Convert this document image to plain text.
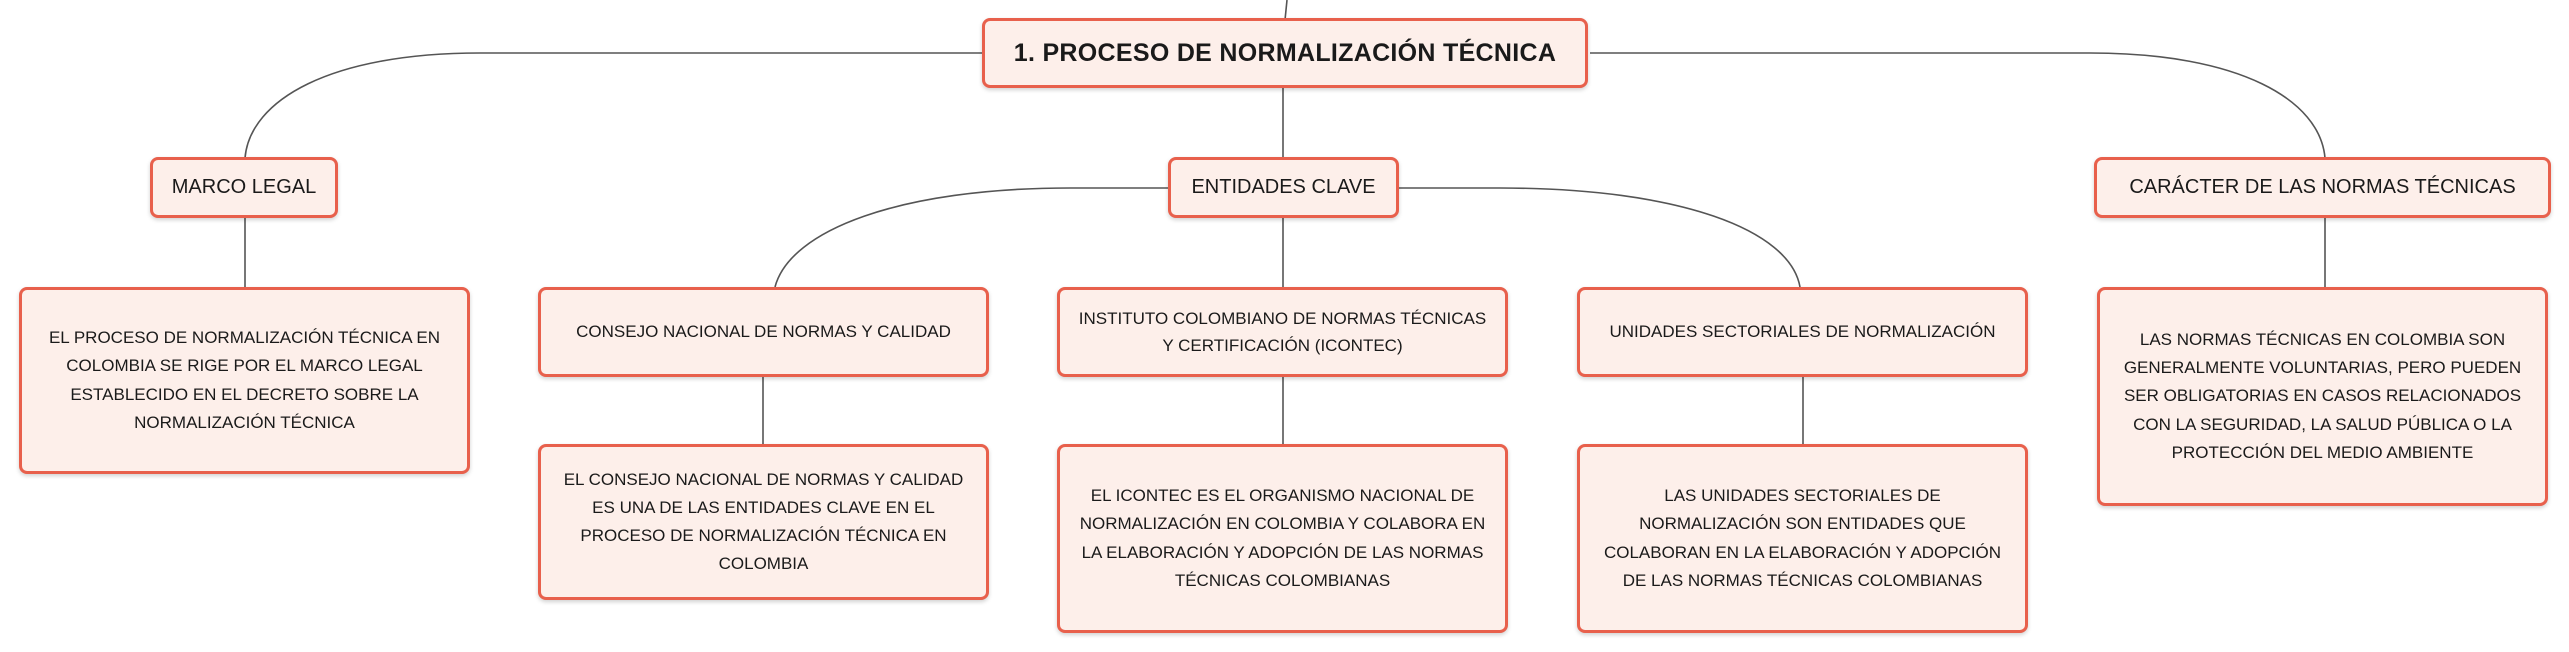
1. PROCESO DE NORMALIZACIÓN TÉCNICA
MARCO LEGAL	ENTIDADES CLAVE	CARÁCTER DE LAS NORMAS TÉCNICAS
EL PROCESO DE NORMALIZACIÓN TÉCNICA EN COLOMBIA SE RIGE POR EL MARCO LEGAL ESTABLECIDO EN EL DECRETO SOBRE LA NORMALIZACIÓN TÉCNICA
CONSEJO NACIONAL DE NORMAS Y CALIDAD
INSTITUTO COLOMBIANO DE NORMAS TÉCNICAS Y CERTIFICACIÓN (ICONTEC)
UNIDADES SECTORIALES DE NORMALIZACIÓN	LAS NORMAS TÉCNICAS EN COLOMBIA SON GENERALMENTE VOLUNTARIAS, PERO PUEDEN SER OBLIGATORIAS EN CASOS RELACIONADOS CON LA SEGURIDAD, LA SALUD PÚBLICA O LA PROTECCIÓN DEL MEDIO AMBIENTE
EL CONSEJO NACIONAL DE NORMAS Y CALIDAD ES UNA DE LAS ENTIDADES CLAVE EN EL PROCESO DE NORMALIZACIÓN TÉCNICA EN COLOMBIA
EL ICONTEC ES EL ORGANISMO NACIONAL DE NORMALIZACIÓN EN COLOMBIA Y COLABORA EN LA ELABORACIÓN Y ADOPCIÓN DE LAS NORMAS TÉCNICAS COLOMBIANAS
LAS UNIDADES SECTORIALES DE NORMALIZACIÓN SON ENTIDADES QUE COLABORAN EN LA ELABORACIÓN Y ADOPCIÓN DE LAS NORMAS TÉCNICAS COLOMBIANAS
